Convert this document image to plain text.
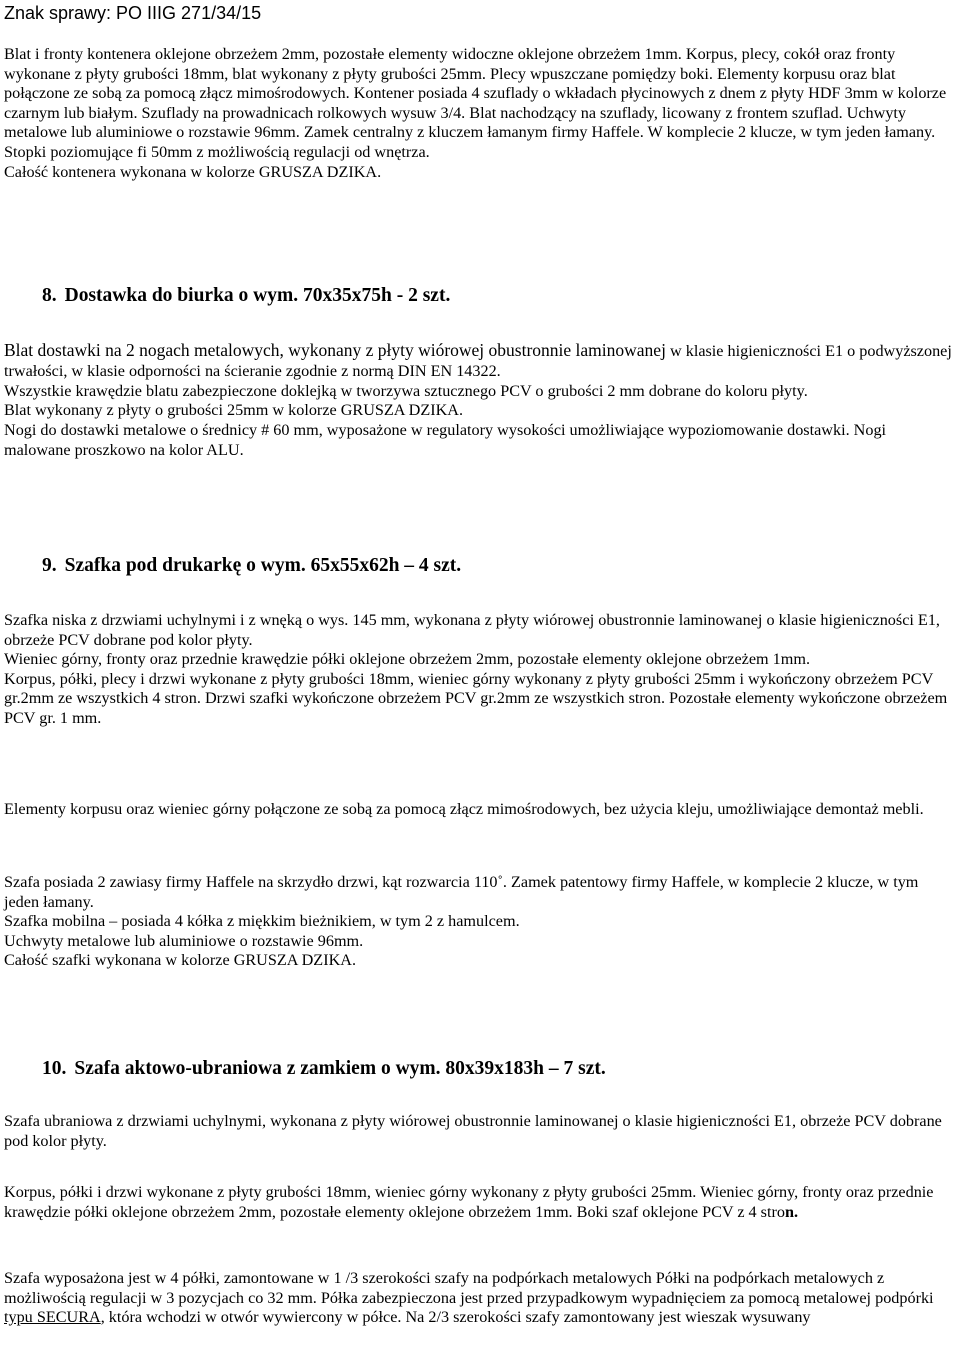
Znak sprawy: PO IIIG 271/34/15

Blat i fronty kontenera oklejone obrzeżem 2mm, pozostałe elementy widoczne oklejone obrzeżem 1mm. Korpus, plecy, cokół oraz fronty wykonane z płyty grubości 18mm, blat wykonany z płyty grubości 25mm. Plecy wpuszczane pomiędzy boki. Elementy korpusu oraz blat połączone ze sobą za pomocą złącz mimośrodowych. Kontener posiada 4 szuflady o wkładach płycinowych z dnem z płyty HDF 3mm w kolorze czarnym lub białym. Szuflady na prowadnicach rolkowych wysuw 3/4. Blat nachodzący na szuflady, licowany z frontem szuflad. Uchwyty metalowe lub aluminiowe o rozstawie 96mm. Zamek centralny z kluczem łamanym firmy Haffele. W komplecie 2 klucze, w tym jeden łamany. Stopki poziomujące fi 50mm z możliwością regulacji od wnętrza.

Całość kontenera wykonana w kolorze GRUSZA DZIKA.

8. Dostawka do biurka o wym. 70x35x75h - 2 szt.

Blat dostawki na 2 nogach metalowych, wykonany z płyty wiórowej obustronnie laminowanej w klasie higieniczności E1 o podwyższonej trwałości, w klasie odporności na ścieranie zgodnie z normą DIN EN 14322.

Wszystkie krawędzie blatu zabezpieczone doklejką w tworzywa sztucznego PCV o grubości 2 mm dobrane do koloru płyty.

Blat wykonany z płyty o grubości 25mm w kolorze GRUSZA DZIKA.

Nogi do dostawki metalowe o średnicy # 60 mm, wyposażone w regulatory wysokości umożliwiające wypoziomowanie dostawki. Nogi malowane proszkowo na kolor ALU.

9. Szafka pod drukarkę o wym. 65x55x62h – 4 szt.

Szafka niska z drzwiami uchylnymi i z wnęką o wys. 145 mm, wykonana z płyty wiórowej obustronnie laminowanej o klasie higieniczności E1, obrzeże PCV dobrane pod kolor płyty.

Wieniec górny, fronty oraz przednie krawędzie półki oklejone obrzeżem 2mm, pozostałe elementy oklejone obrzeżem 1mm.

Korpus, półki, plecy i drzwi wykonane z płyty grubości 18mm, wieniec górny wykonany z płyty grubości 25mm i wykończony obrzeżem PCV gr.2mm ze wszystkich 4 stron. Drzwi szafki wykończone obrzeżem PCV gr.2mm ze wszystkich stron. Pozostałe elementy wykończone obrzeżem PCV gr. 1 mm.

Elementy korpusu oraz wieniec górny połączone ze sobą za pomocą złącz mimośrodowych, bez użycia kleju, umożliwiające demontaż mebli.

Szafa posiada 2 zawiasy firmy Haffele na skrzydło drzwi, kąt rozwarcia 110˚. Zamek patentowy firmy Haffele, w komplecie 2 klucze, w tym jeden łamany.

Szafka mobilna – posiada 4 kółka z miękkim bieżnikiem, w tym 2 z hamulcem.

Uchwyty metalowe lub aluminiowe o rozstawie 96mm.

Całość szafki wykonana w kolorze GRUSZA DZIKA.

10. Szafa aktowo-ubraniowa z zamkiem o wym. 80x39x183h – 7 szt.

Szafa ubraniowa z drzwiami uchylnymi, wykonana z płyty wiórowej obustronnie laminowanej o klasie higieniczności E1, obrzeże PCV dobrane pod kolor płyty.

Korpus, półki i drzwi wykonane z płyty grubości 18mm, wieniec górny wykonany z płyty grubości 25mm. Wieniec górny, fronty oraz przednie krawędzie półki oklejone obrzeżem 2mm, pozostałe elementy oklejone obrzeżem 1mm. Boki szaf oklejone PCV z 4 stron.

Szafa wyposażona jest w 4 półki, zamontowane w 1 /3 szerokości szafy na podpórkach metalowych Półki na podpórkach metalowych z możliwością regulacji w 3 pozycjach co 32 mm. Półka zabezpieczona jest przed przypadkowym wypadnięciem za pomocą metalowej podpórki typu SECURA, która wchodzi w otwór wywiercony w półce. Na 2/3 szerokości szafy zamontowany jest wieszak wysuwany
